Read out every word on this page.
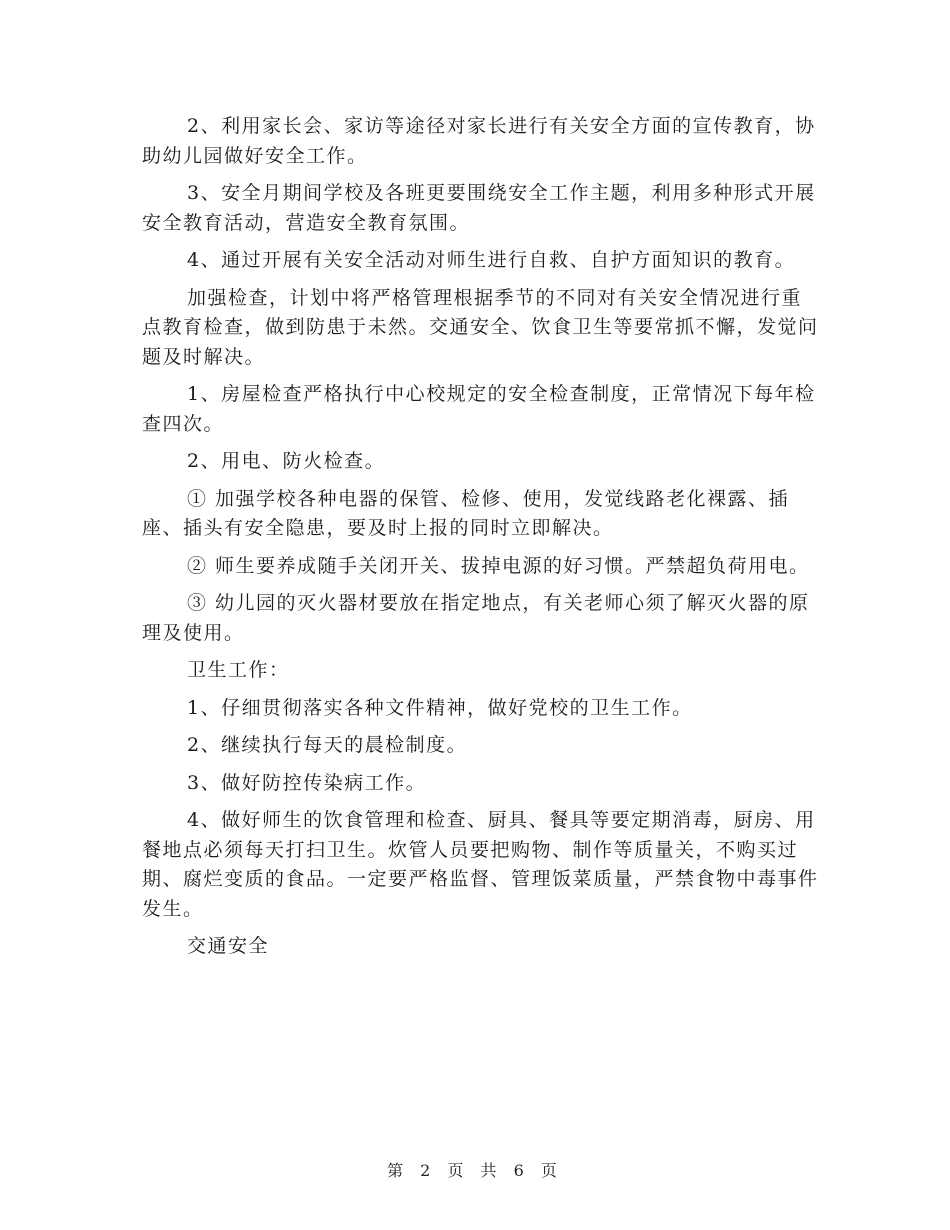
2、利用家长会、家访等途径对家长进行有关安全方面的宣传教育，协助幼儿园做好安全工作。

3、安全月期间学校及各班更要围绕安全工作主题，利用多种形式开展安全教育活动，营造安全教育氛围。

4、通过开展有关安全活动对师生进行自救、自护方面知识的教育。

加强检查，计划中将严格管理根据季节的不同对有关安全情况进行重点教育检查，做到防患于未然。交通安全、饮食卫生等要常抓不懈，发觉问题及时解决。

1、房屋检查严格执行中心校规定的安全检查制度，正常情况下每年检查四次。

2、用电、防火检查。

① 加强学校各种电器的保管、检修、使用，发觉线路老化裸露、插座、插头有安全隐患，要及时上报的同时立即解决。

② 师生要养成随手关闭开关、拔掉电源的好习惯。严禁超负荷用电。

③ 幼儿园的灭火器材要放在指定地点，有关老师心须了解灭火器的原理及使用。

卫生工作：

1、仔细贯彻落实各种文件精神，做好党校的卫生工作。

2、继续执行每天的晨检制度。

3、做好防控传染病工作。

4、做好师生的饮食管理和检查、厨具、餐具等要定期消毒，厨房、用餐地点必须每天打扫卫生。炊管人员要把购物、制作等质量关，不购买过期、腐烂变质的食品。一定要严格监督、管理饭菜质量，严禁食物中毒事件发生。

交通安全

第 2 页 共 6 页
